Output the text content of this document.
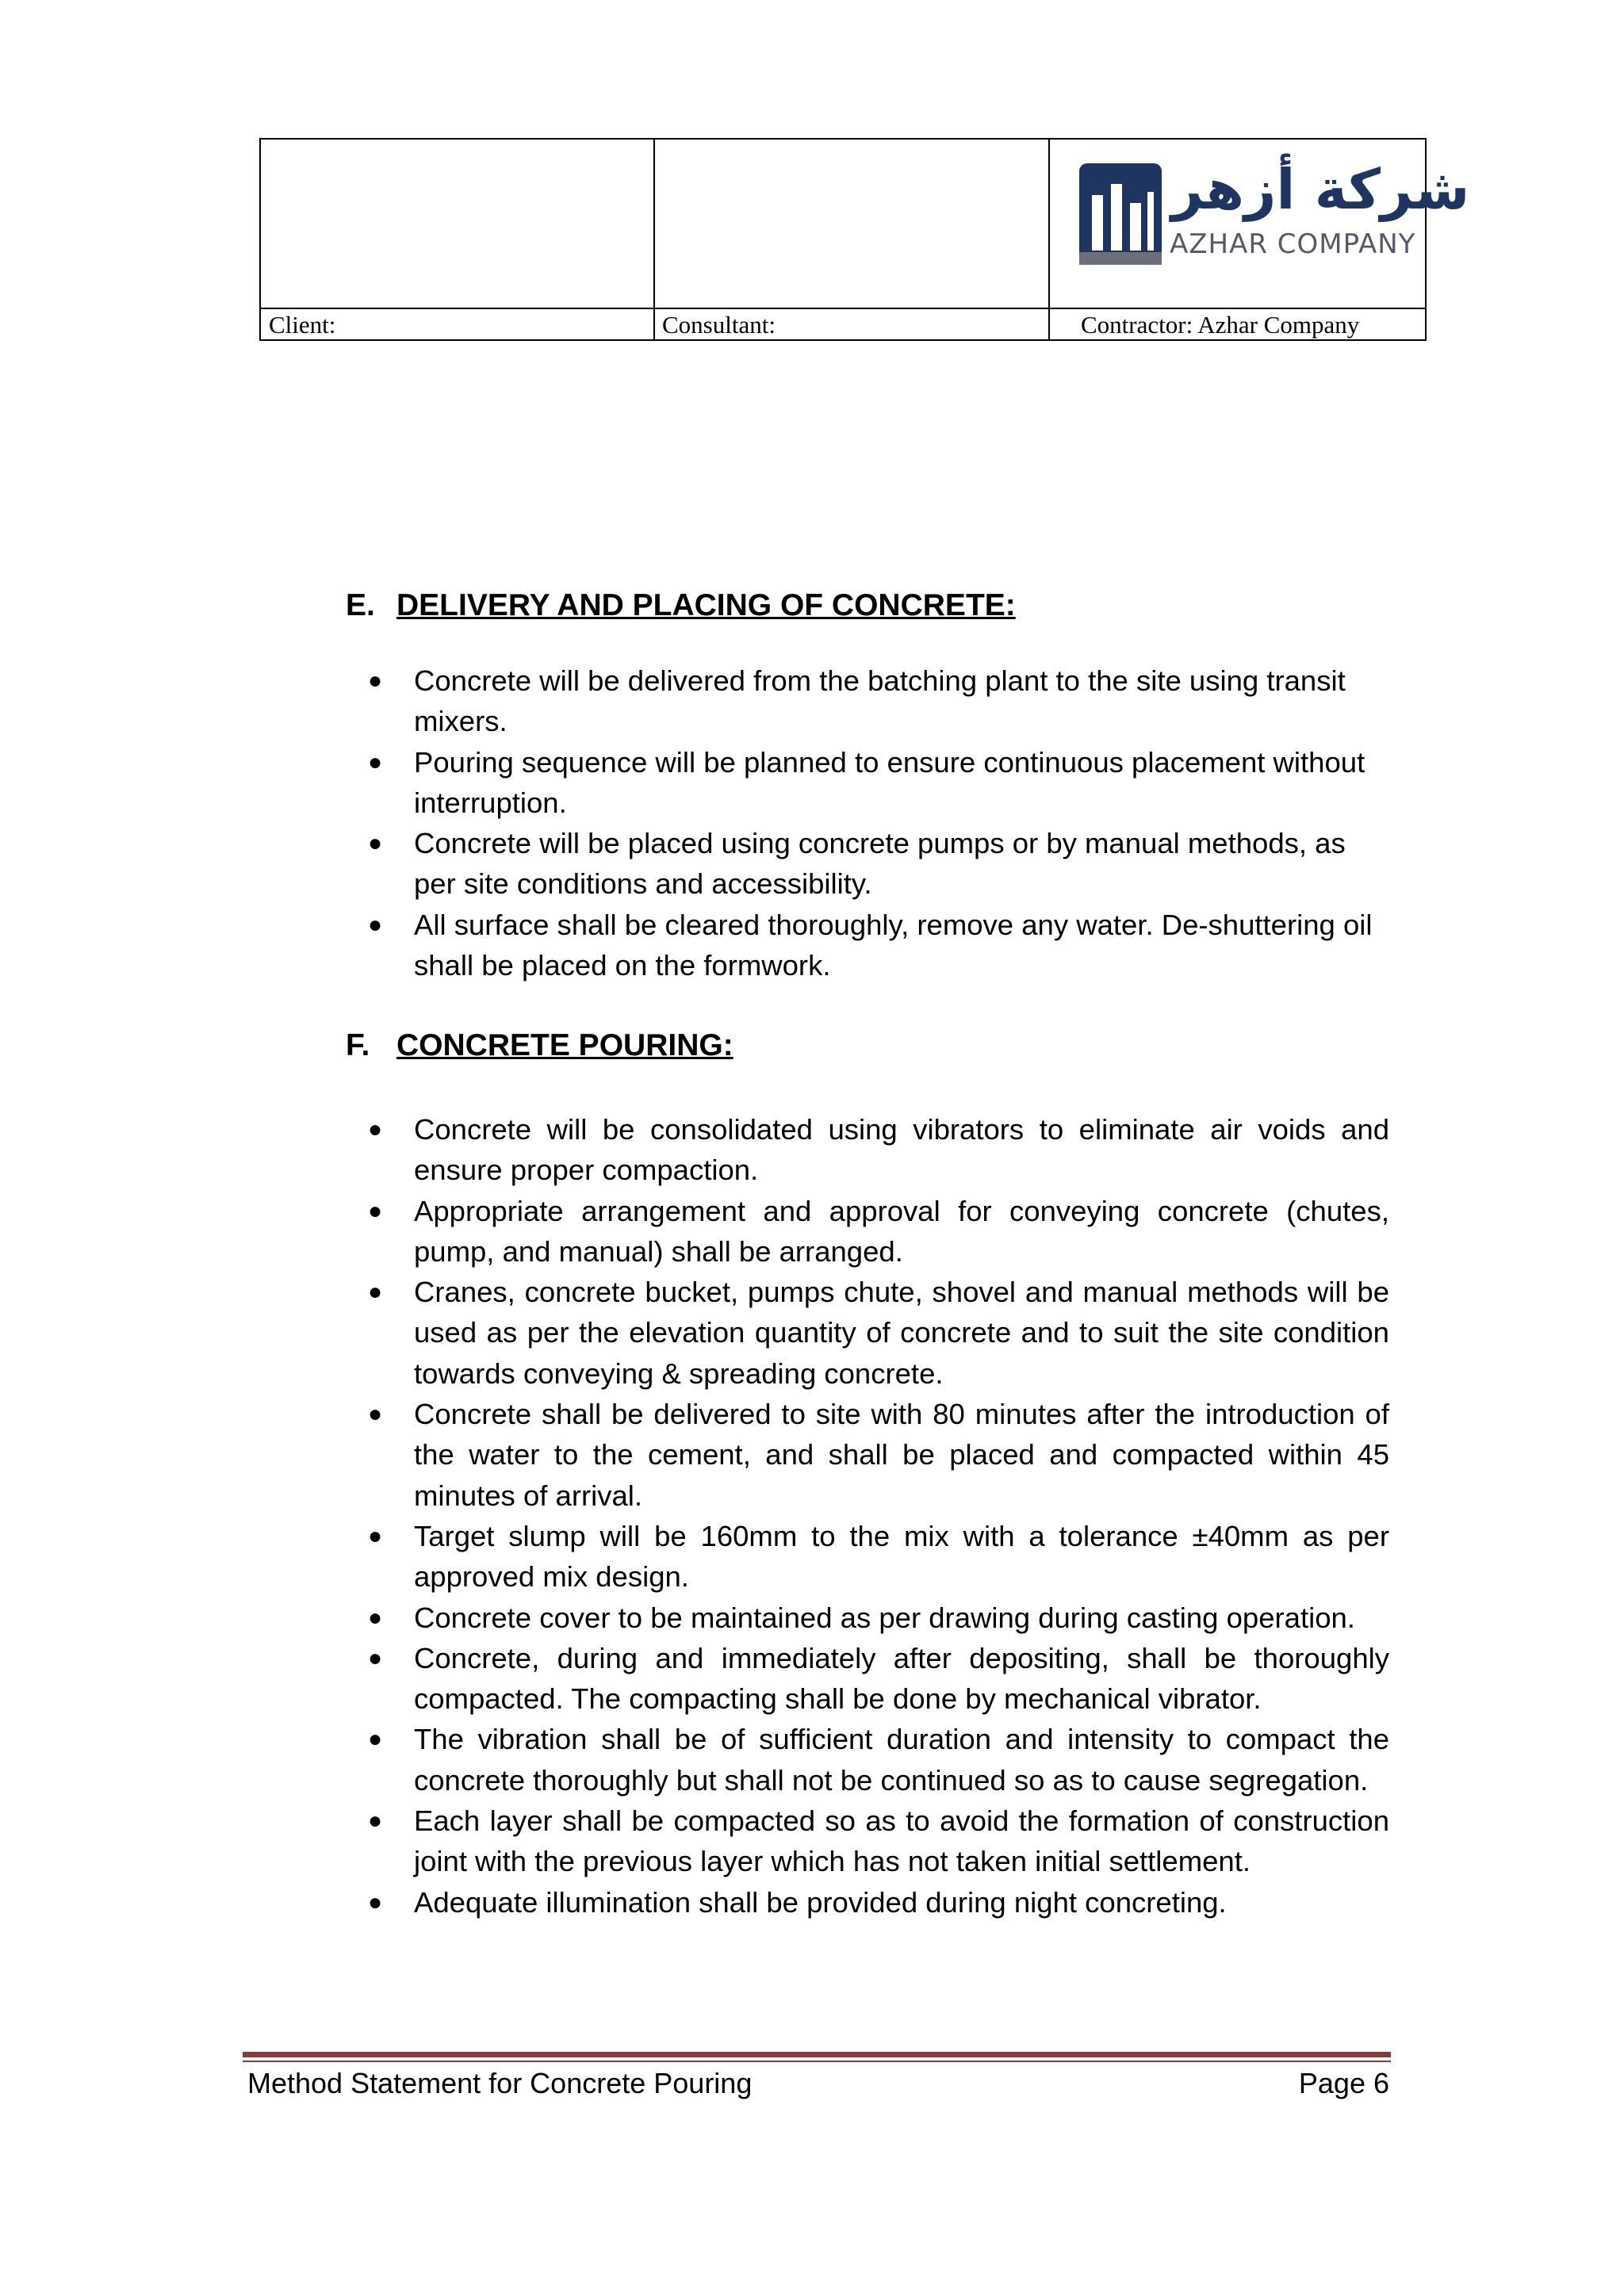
شركة أزهر
AZHAR COMPANY
Client:	Consultant:	Contractor: Azhar Company
E. DELIVERY AND PLACING OF CONCRETE:
● Concrete will be delivered from the batching plant to the site using transit mixers.
● Pouring sequence will be planned to ensure continuous placement without interruption.
● Concrete will be placed using concrete pumps or by manual methods, as per site conditions and accessibility.
● All surface shall be cleared thoroughly, remove any water. De-shuttering oil shall be placed on the formwork.
F. CONCRETE POURING:
● Concrete will be consolidated using vibrators to eliminate air voids and ensure proper compaction.
● Appropriate arrangement and approval for conveying concrete (chutes, pump, and manual) shall be arranged.
● Cranes, concrete bucket, pumps chute, shovel and manual methods will be used as per the elevation quantity of concrete and to suit the site condition towards conveying & spreading concrete.
● Concrete shall be delivered to site with 80 minutes after the introduction of the water to the cement, and shall be placed and compacted within 45 minutes of arrival.
● Target slump will be 160mm to the mix with a tolerance ±40mm as per approved mix design.
● Concrete cover to be maintained as per drawing during casting operation.
● Concrete, during and immediately after depositing, shall be thoroughly compacted. The compacting shall be done by mechanical vibrator.
● The vibration shall be of sufficient duration and intensity to compact the concrete thoroughly but shall not be continued so as to cause segregation.
● Each layer shall be compacted so as to avoid the formation of construction joint with the previous layer which has not taken initial settlement.
● Adequate illumination shall be provided during night concreting.
Method Statement for Concrete Pouring	Page 6
